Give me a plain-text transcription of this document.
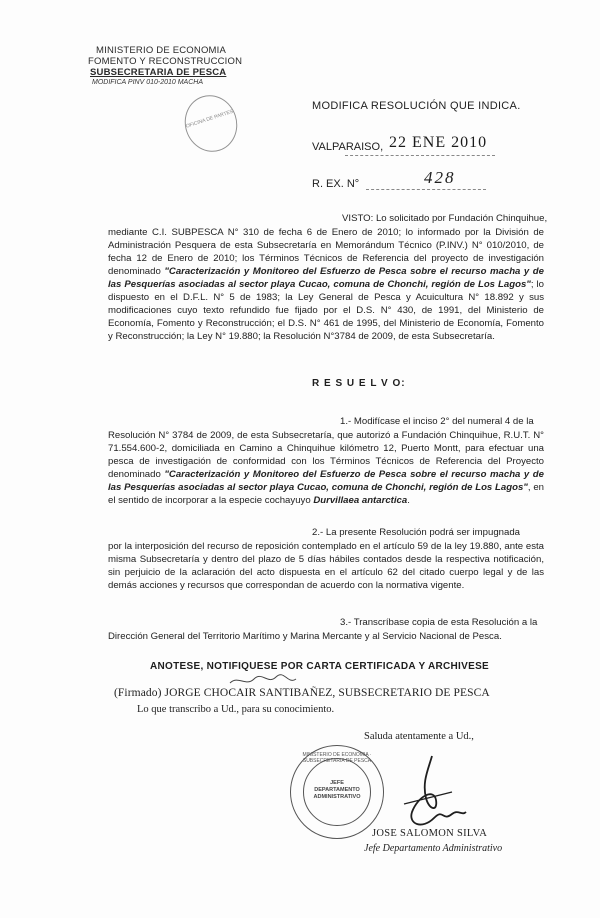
MINISTERIO DE ECONOMIA
FOMENTO Y RECONSTRUCCION
SUBSECRETARIA DE PESCA
MODIFICA PINV 010-2010 MACHA
OFICINA DE PARTES
MODIFICA RESOLUCIÓN QUE INDICA.
VALPARAISO, 22 ENE 2010
R. EX. N°	428
VISTO: Lo solicitado por Fundación Chinquihue,

mediante C.I. SUBPESCA N° 310 de fecha 6 de Enero de 2010; lo informado por la División de Administración Pesquera de esta Subsecretaría en Memorándum Técnico (P.INV.) N° 010/2010, de fecha 12 de Enero de 2010; los Términos Técnicos de Referencia del proyecto de investigación denominado "Caracterización y Monitoreo del Esfuerzo de Pesca sobre el recurso macha y de las Pesquerías asociadas al sector playa Cucao, comuna de Chonchi, región de Los Lagos"; lo dispuesto en el D.F.L. N° 5 de 1983; la Ley General de Pesca y Acuicultura N° 18.892 y sus modificaciones cuyo texto refundido fue fijado por el D.S. N° 430, de 1991, del Ministerio de Economía, Fomento y Reconstrucción; el D.S. N° 461 de 1995, del Ministerio de Economía, Fomento y Reconstrucción; la Ley N° 19.880; la Resolución N°3784 de 2009, de esta Subsecretaría.

R E S U E L V O:
1.- Modifícase el inciso 2° del numeral 4 de la

Resolución N° 3784 de 2009, de esta Subsecretaría, que autorizó a Fundación Chinquihue, R.U.T. N° 71.554.600-2, domiciliada en Camino a Chinquihue kilómetro 12, Puerto Montt, para efectuar una pesca de investigación de conformidad con los Términos Técnicos de Referencia del Proyecto denominado "Caracterización y Monitoreo del Esfuerzo de Pesca sobre el recurso macha y de las Pesquerías asociadas al sector playa Cucao, comuna de Chonchi, región de Los Lagos", en el sentido de incorporar a la especie cochayuyo Durvillaea antarctica.

2.- La presente Resolución podrá ser impugnada

por la interposición del recurso de reposición contemplado en el artículo 59 de la ley 19.880, ante esta misma Subsecretaría y dentro del plazo de 5 días hábiles contados desde la respectiva notificación, sin perjuicio de la aclaración del acto dispuesta en el artículo 62 del citado cuerpo legal y de las demás acciones y recursos que correspondan de acuerdo con la normativa vigente.

3.- Transcríbase copia de esta Resolución a la

Dirección General del Territorio Marítimo y Marina Mercante y al Servicio Nacional de Pesca.

ANOTESE, NOTIFIQUESE POR CARTA CERTIFICADA Y ARCHIVESE
(Firmado) JORGE CHOCAIR SANTIBAÑEZ, SUBSECRETARIO DE PESCA
Lo que transcribo a Ud., para su conocimiento.
Saluda atentamente a Ud.,
MINISTERIO DE ECONOMIA · SUBSECRETARIA DE PESCA
JEFE DEPARTAMENTO ADMINISTRATIVO
JOSE SALOMON SILVA
Jefe Departamento Administrativo
